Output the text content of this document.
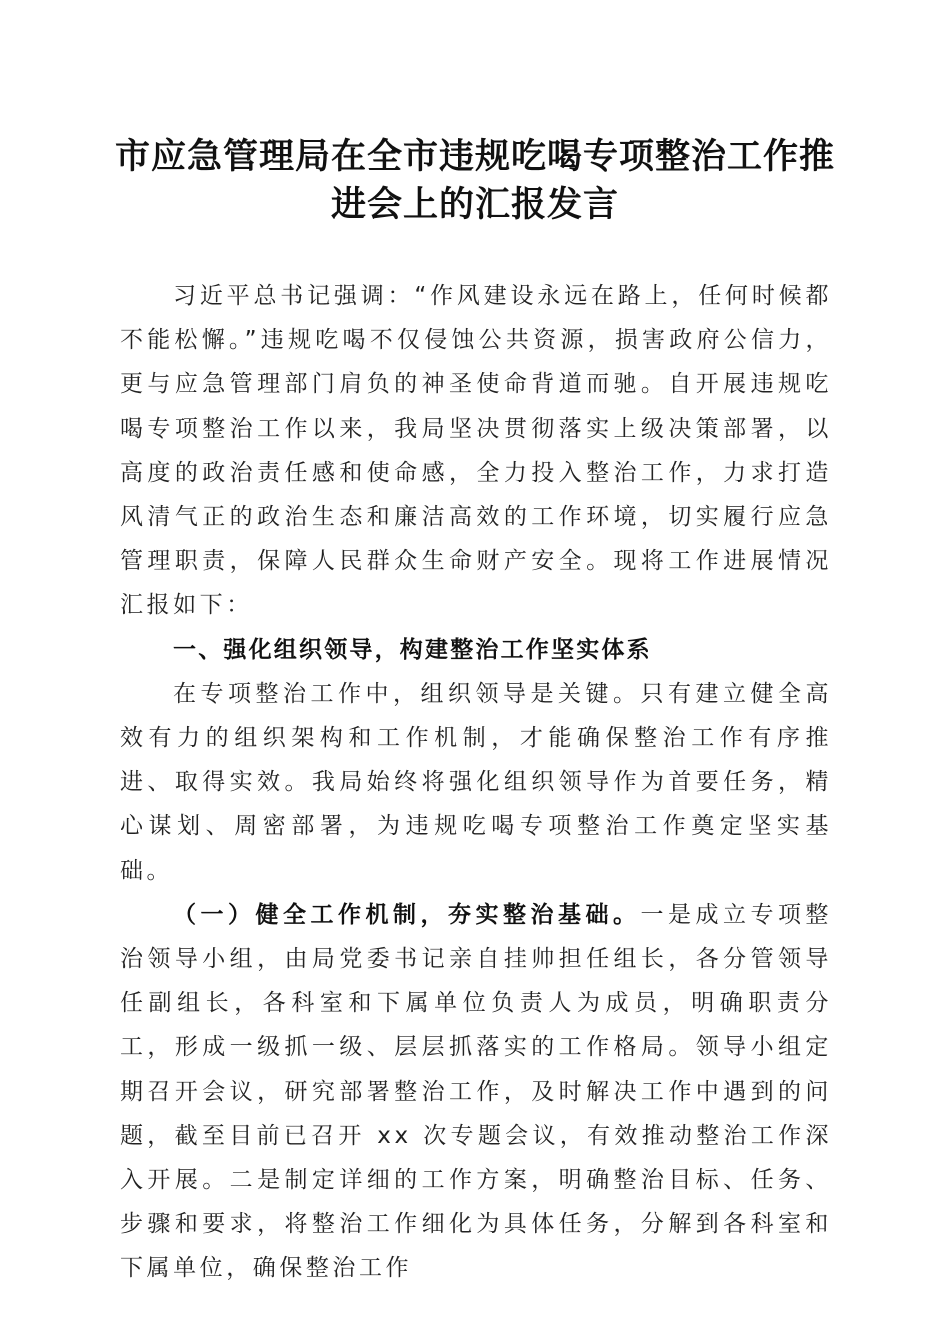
市应急管理局在全市违规吃喝专项整治工作推进会上的汇报发言

习近平总书记强调：“作风建设永远在路上，任何时候都不能松懈。”违规吃喝不仅侵蚀公共资源，损害政府公信力，更与应急管理部门肩负的神圣使命背道而驰。自开展违规吃喝专项整治工作以来，我局坚决贯彻落实上级决策部署，以高度的政治责任感和使命感，全力投入整治工作，力求打造风清气正的政治生态和廉洁高效的工作环境，切实履行应急管理职责，保障人民群众生命财产安全。现将工作进展情况汇报如下：

一、强化组织领导，构建整治工作坚实体系

在专项整治工作中，组织领导是关键。只有建立健全高效有力的组织架构和工作机制，才能确保整治工作有序推进、取得实效。我局始终将强化组织领导作为首要任务，精心谋划、周密部署，为违规吃喝专项整治工作奠定坚实基础。

（一）健全工作机制，夯实整治基础。一是成立专项整治领导小组，由局党委书记亲自挂帅担任组长，各分管领导任副组长，各科室和下属单位负责人为成员，明确职责分工，形成一级抓一级、层层抓落实的工作格局。领导小组定期召开会议，研究部署整治工作，及时解决工作中遇到的问题，截至目前已召开 xx 次专题会议，有效推动整治工作深入开展。二是制定详细的工作方案，明确整治目标、任务、步骤和要求，将整治工作细化为具体任务，分解到各科室和下属单位，确保整治工作
